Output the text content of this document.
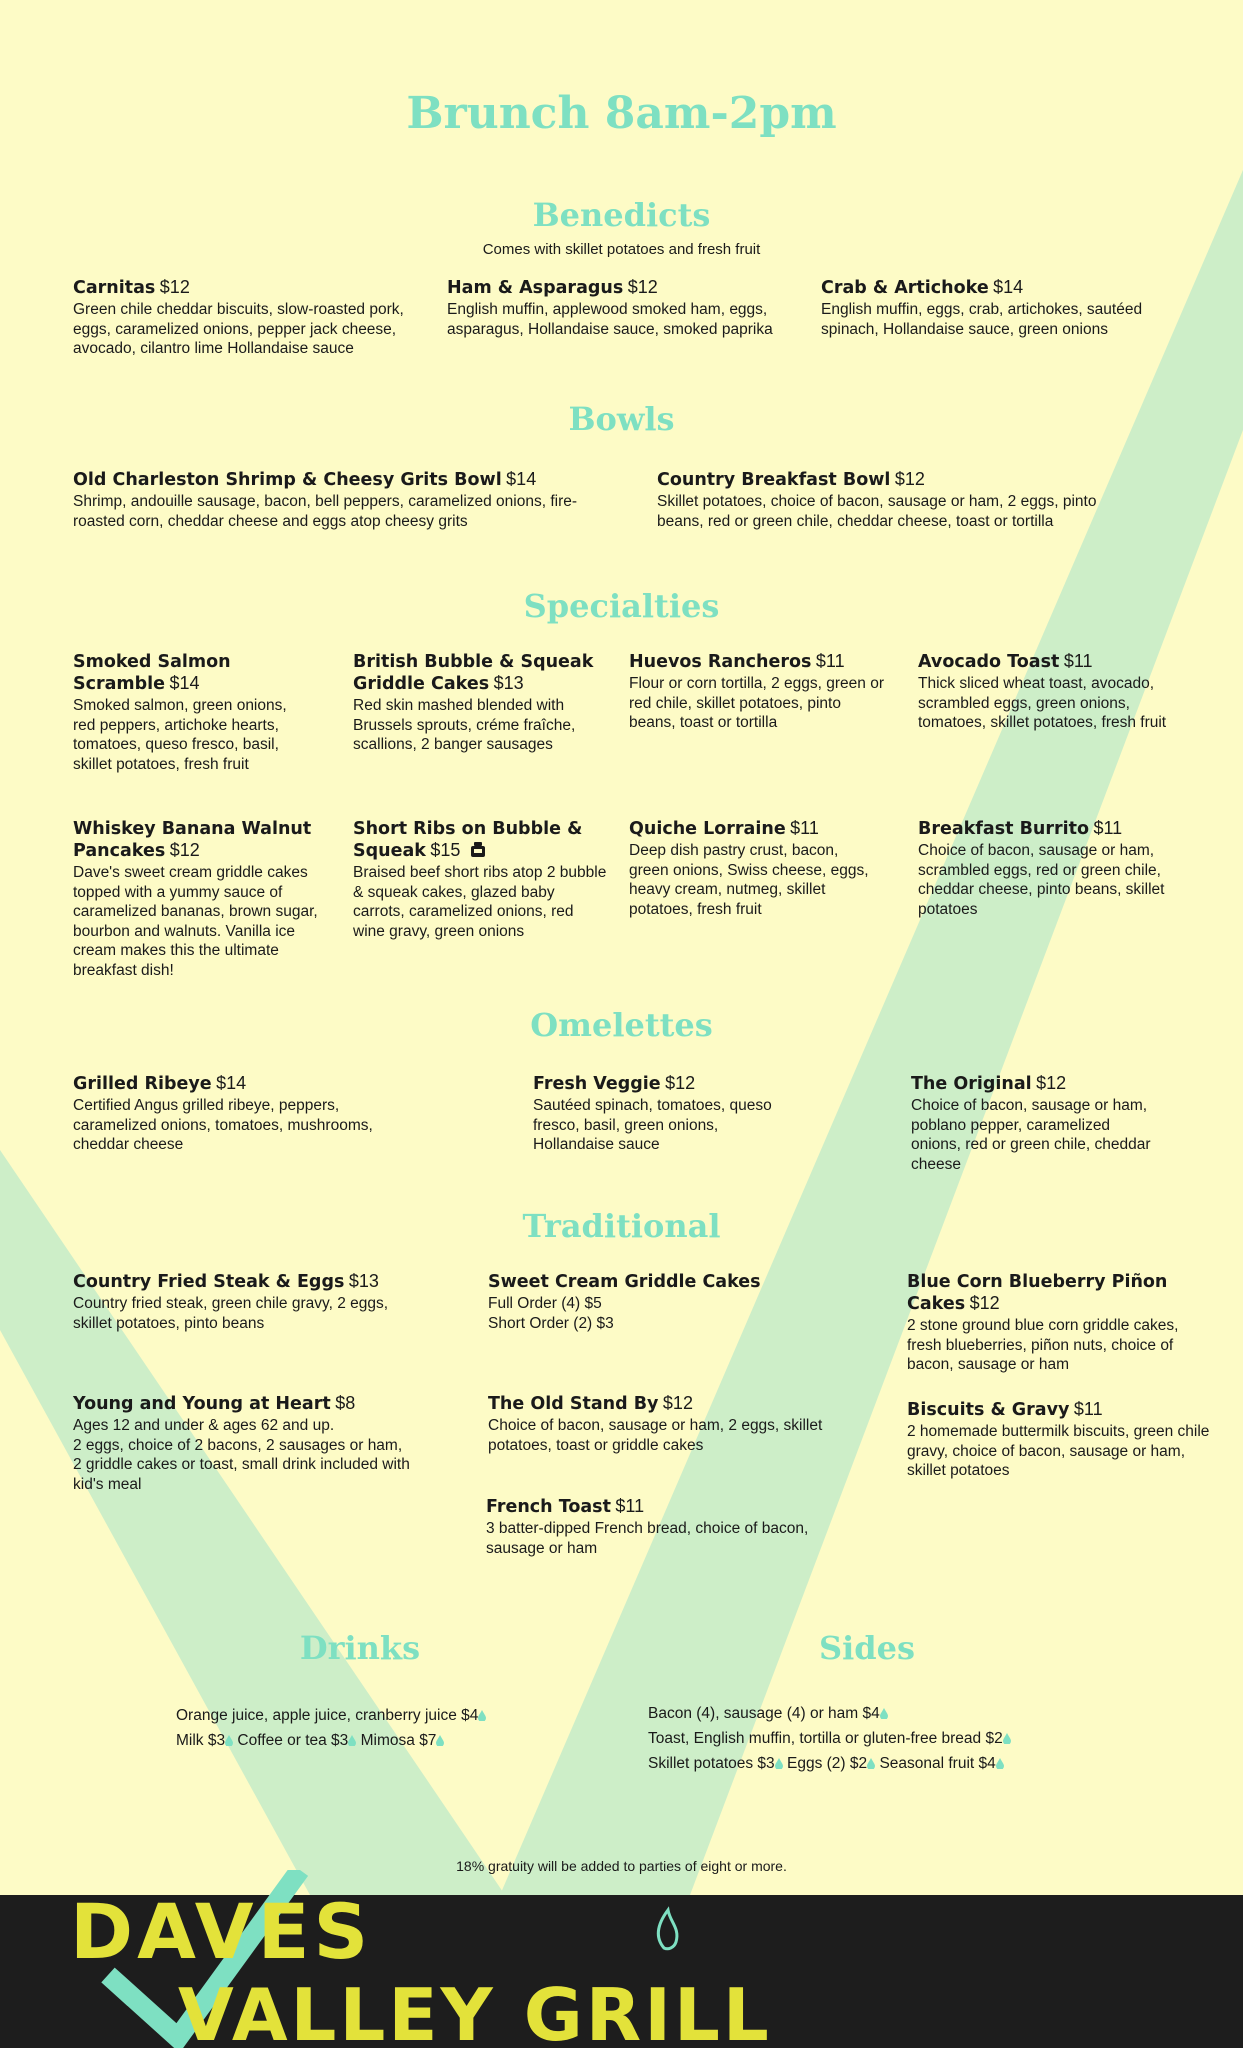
Brunch 8am-2pm
Benedicts
Comes with skillet potatoes and fresh fruit
Carnitas $12
Green chile cheddar biscuits, slow-roasted pork, eggs, caramelized onions, pepper jack cheese, avocado, cilantro lime Hollandaise sauce
Ham & Asparagus $12
English muffin, applewood smoked ham, eggs, asparagus, Hollandaise sauce, smoked paprika
Crab & Artichoke $14
English muffin, eggs, crab, artichokes, sautéed spinach, Hollandaise sauce, green onions
Bowls
Old Charleston Shrimp & Cheesy Grits Bowl $14
Shrimp, andouille sausage, bacon, bell peppers, caramelized onions, fire-roasted corn, cheddar cheese and eggs atop cheesy grits
Country Breakfast Bowl $12
Skillet potatoes, choice of bacon, sausage or ham, 2 eggs, pinto beans, red or green chile, cheddar cheese, toast or tortilla
Specialties
Smoked Salmon Scramble $14
Smoked salmon, green onions, red peppers, artichoke hearts, tomatoes, queso fresco, basil, skillet potatoes, fresh fruit
British Bubble & Squeak Griddle Cakes $13
Red skin mashed blended with Brussels sprouts, créme fraîche, scallions, 2 banger sausages
Huevos Rancheros $11
Flour or corn tortilla, 2 eggs, green or red chile, skillet potatoes, pinto beans, toast or tortilla
Avocado Toast $11
Thick sliced wheat toast, avocado, scrambled eggs, green onions, tomatoes, skillet potatoes, fresh fruit
Whiskey Banana Walnut Pancakes $12
Dave's sweet cream griddle cakes topped with a yummy sauce of caramelized bananas, brown sugar, bourbon and walnuts. Vanilla ice cream makes this the ultimate breakfast dish!
Short Ribs on Bubble & Squeak $15
Braised beef short ribs atop 2 bubble & squeak cakes, glazed baby carrots, caramelized onions, red wine gravy, green onions
Quiche Lorraine $11
Deep dish pastry crust, bacon, green onions, Swiss cheese, eggs, heavy cream, nutmeg, skillet potatoes, fresh fruit
Breakfast Burrito $11
Choice of bacon, sausage or ham, scrambled eggs, red or green chile, cheddar cheese, pinto beans, skillet potatoes
Omelettes
Grilled Ribeye $14
Certified Angus grilled ribeye, peppers, caramelized onions, tomatoes, mushrooms, cheddar cheese
Fresh Veggie $12
Sautéed spinach, tomatoes, queso fresco, basil, green onions, Hollandaise sauce
The Original $12
Choice of bacon, sausage or ham, poblano pepper, caramelized onions, red or green chile, cheddar cheese
Traditional
Country Fried Steak & Eggs $13
Country fried steak, green chile gravy, 2 eggs, skillet potatoes, pinto beans
Sweet Cream Griddle Cakes
Full Order (4) $5
Short Order (2) $3
Blue Corn Blueberry Piñon Cakes $12
2 stone ground blue corn griddle cakes, fresh blueberries, piñon nuts, choice of bacon, sausage or ham
Young and Young at Heart $8
Ages 12 and under & ages 62 and up.
2 eggs, choice of 2 bacons, 2 sausages or ham, 2 griddle cakes or toast, small drink included with kid's meal
The Old Stand By $12
Choice of bacon, sausage or ham, 2 eggs, skillet potatoes, toast or griddle cakes
Biscuits & Gravy $11
2 homemade buttermilk biscuits, green chile gravy, choice of bacon, sausage or ham, skillet potatoes
French Toast $11
3 batter-dipped French bread, choice of bacon, sausage or ham
Drinks	Sides
Orange juice, apple juice, cranberry juice $4
Milk $3 Coffee or tea $3 Mimosa $7
Bacon (4), sausage (4) or ham $4
Toast, English muffin, tortilla or gluten-free bread $2
Skillet potatoes $3 Eggs (2) $2 Seasonal fruit $4
18% gratuity will be added to parties of eight or more.
DAVES
VALLEY GRILL
